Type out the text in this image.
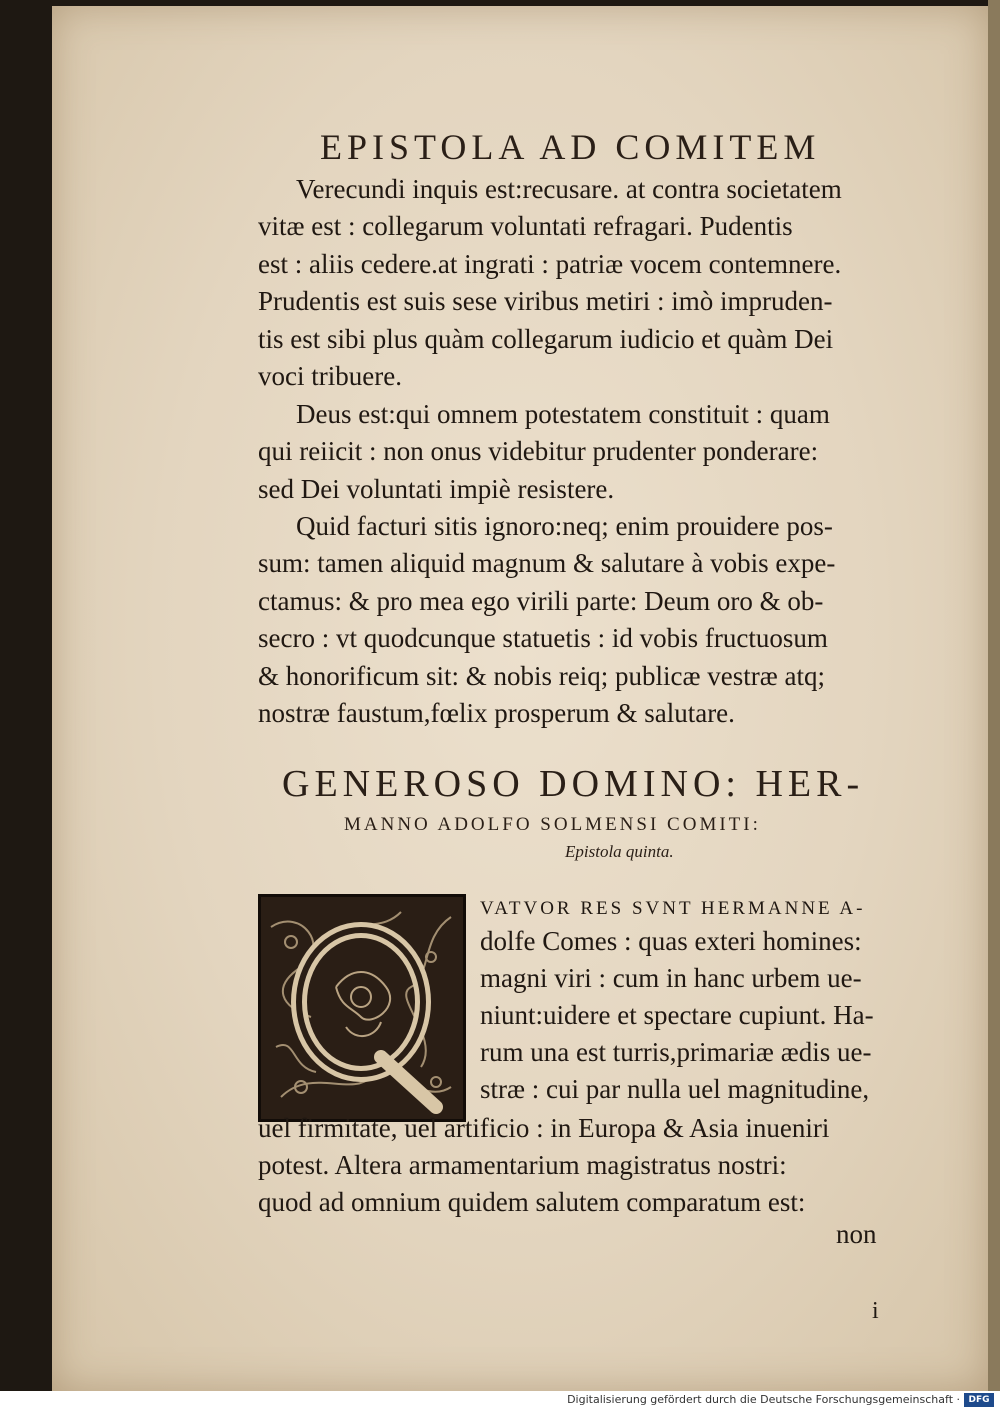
EPISTOLA AD COMITEM
Verecundi inquis est:recusare. at contra societatem
vitæ est : collegarum voluntati refragari. Pudentis
est : aliis cedere.at ingrati : patriæ vocem contemnere.
Prudentis est suis sese viribus metiri : imò impruden-
tis est sibi plus quàm collegarum iudicio et quàm Dei
voci tribuere.
Deus est:qui omnem potestatem constituit : quam
qui reiicit : non onus videbitur prudenter ponderare:
sed Dei voluntati impiè resistere.
Quid facturi sitis ignoro:neq; enim prouidere pos-
sum: tamen aliquid magnum & salutare à vobis expe-
ctamus: & pro mea ego virili parte: Deum oro & ob-
secro : vt quodcunque statuetis : id vobis fructuosum
& honorificum sit: & nobis reiq; publicæ vestræ atq;
nostræ faustum,fœlix prosperum & salutare.
GENEROSO DOMINO: HER-
MANNO ADOLFO SOLMENSI COMITI:
Epistola quinta.
VATVOR RES SVNT HERMANNE A-
dolfe Comes : quas exteri homines:
magni viri : cum in hanc urbem ue-
niunt:uidere et spectare cupiunt. Ha-
rum una est turris,primariæ ædis ue-
stræ : cui par nulla uel magnitudine,
uel firmitate, uel artificio : in Europa & Asia inueniri
potest. Altera armamentarium magistratus nostri:
quod ad omnium quidem salutem comparatum est:
non
i
Digitalisierung gefördert durch die Deutsche Forschungsgemeinschaft · DFG
